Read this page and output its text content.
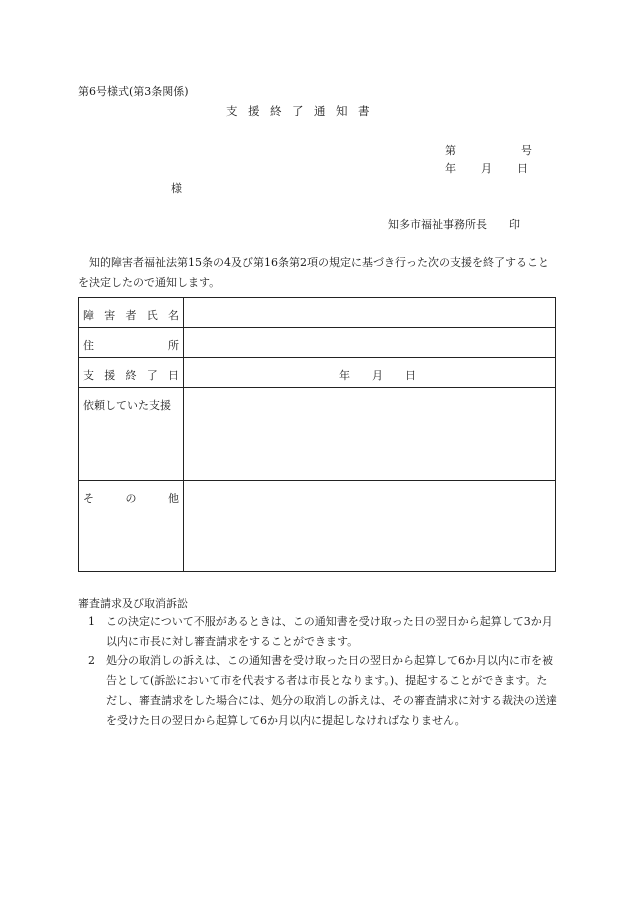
第6号様式(第3条関係)
支 援 終 了 通 知 書
第	号
年 月 日
様
知多市福祉事務所長 印
知的障害者福祉法第15条の4及び第16条第2項の規定に基づき行った次の支援を終了することを決定したので通知します。
障 害 者 氏 名
住	所
支 援 終 了 日	年 月 日
依頼していた支援
そ	の	他
審査請求及び取消訴訟
1	この決定について不服があるときは、この通知書を受け取った日の翌日から起算して3か月以内に市長に対し審査請求をすることができます。
2	処分の取消しの訴えは、この通知書を受け取った日の翌日から起算して6か月以内に市を被告として(訴訟において市を代表する者は市長となります。)、提起することができます。ただし、審査請求をした場合には、処分の取消しの訴えは、その審査請求に対する裁決の送達を受けた日の翌日から起算して6か月以内に提起しなければなりません。
